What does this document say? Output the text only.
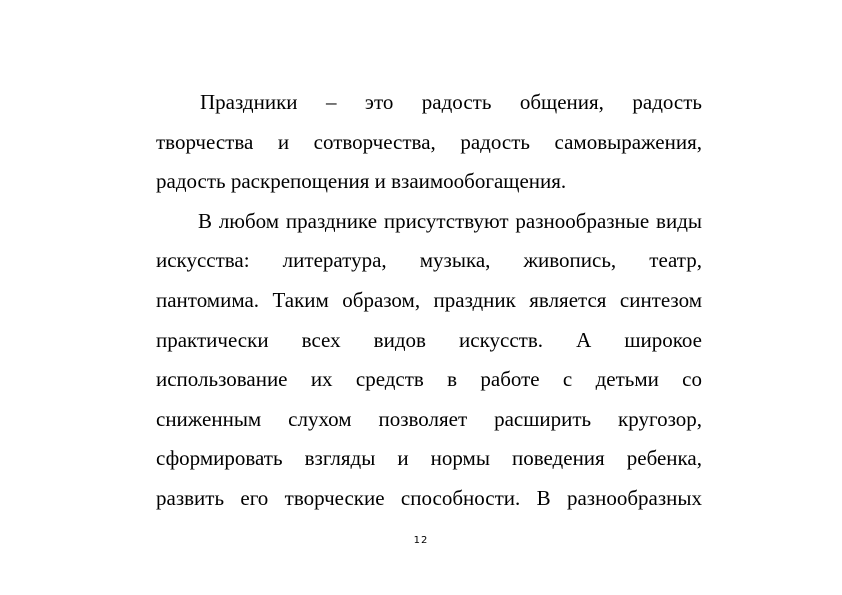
Праздники – это радость общения, радость
творчества и сотворчества, радость самовыражения,
радость раскрепощения и взаимообогащения.

В любом празднике присутствуют разнообразные виды
искусства: литература, музыка, живопись, театр,
пантомима. Таким образом, праздник является синтезом
практически всех видов искусств. А широкое
использование их средств в работе с детьми со
сниженным слухом позволяет расширить кругозор,
сформировать взгляды и нормы поведения ребенка,
развить его творческие способности. В разнообразных

12
